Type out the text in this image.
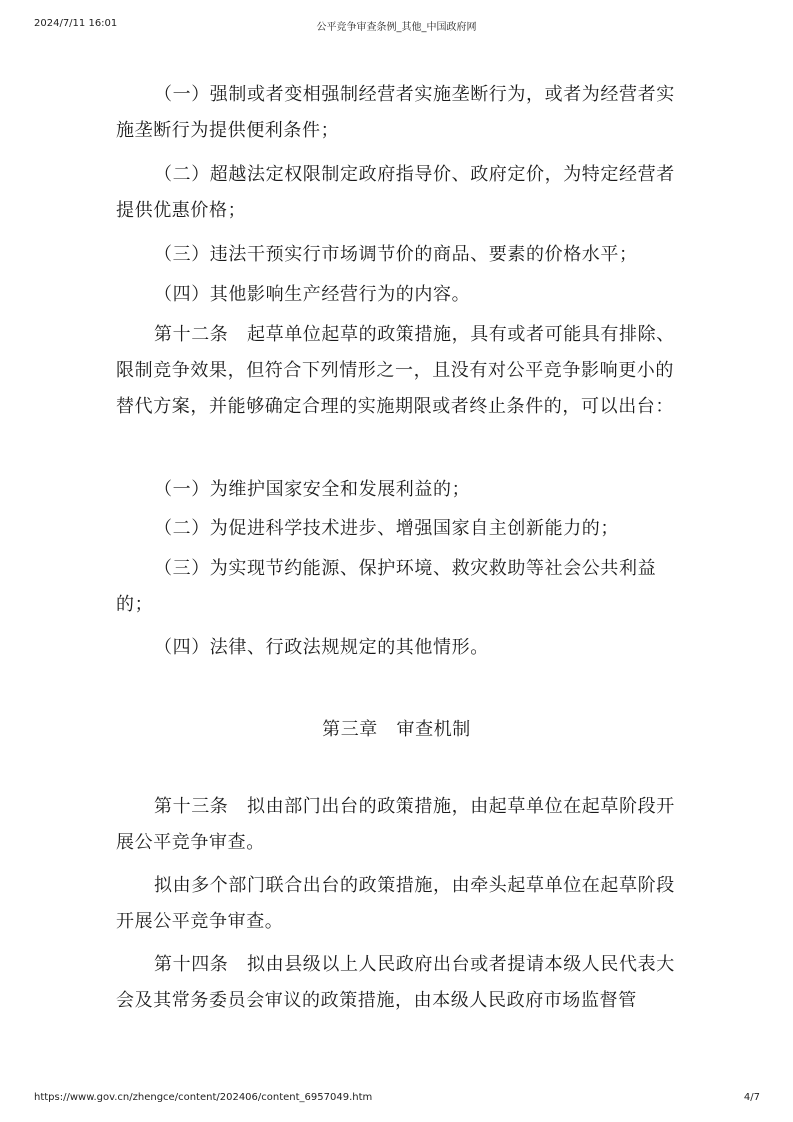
2024/7/11 16:01	公平竞争审查条例_其他_中国政府网

（一）强制或者变相强制经营者实施垄断行为，或者为经营者实施垄断行为提供便利条件；

（二）超越法定权限制定政府指导价、政府定价，为特定经营者提供优惠价格；

（三）违法干预实行市场调节价的商品、要素的价格水平；

（四）其他影响生产经营行为的内容。

第十二条　起草单位起草的政策措施，具有或者可能具有排除、限制竞争效果，但符合下列情形之一，且没有对公平竞争影响更小的替代方案，并能够确定合理的实施期限或者终止条件的，可以出台：

（一）为维护国家安全和发展利益的；

（二）为促进科学技术进步、增强国家自主创新能力的；

（三）为实现节约能源、保护环境、救灾救助等社会公共利益的；

（四）法律、行政法规规定的其他情形。

第三章　审查机制

第十三条　拟由部门出台的政策措施，由起草单位在起草阶段开展公平竞争审查。

拟由多个部门联合出台的政策措施，由牵头起草单位在起草阶段开展公平竞争审查。

第十四条　拟由县级以上人民政府出台或者提请本级人民代表大会及其常务委员会审议的政策措施，由本级人民政府市场监督管

https://www.gov.cn/zhengce/content/202406/content_6957049.htm	4/7
